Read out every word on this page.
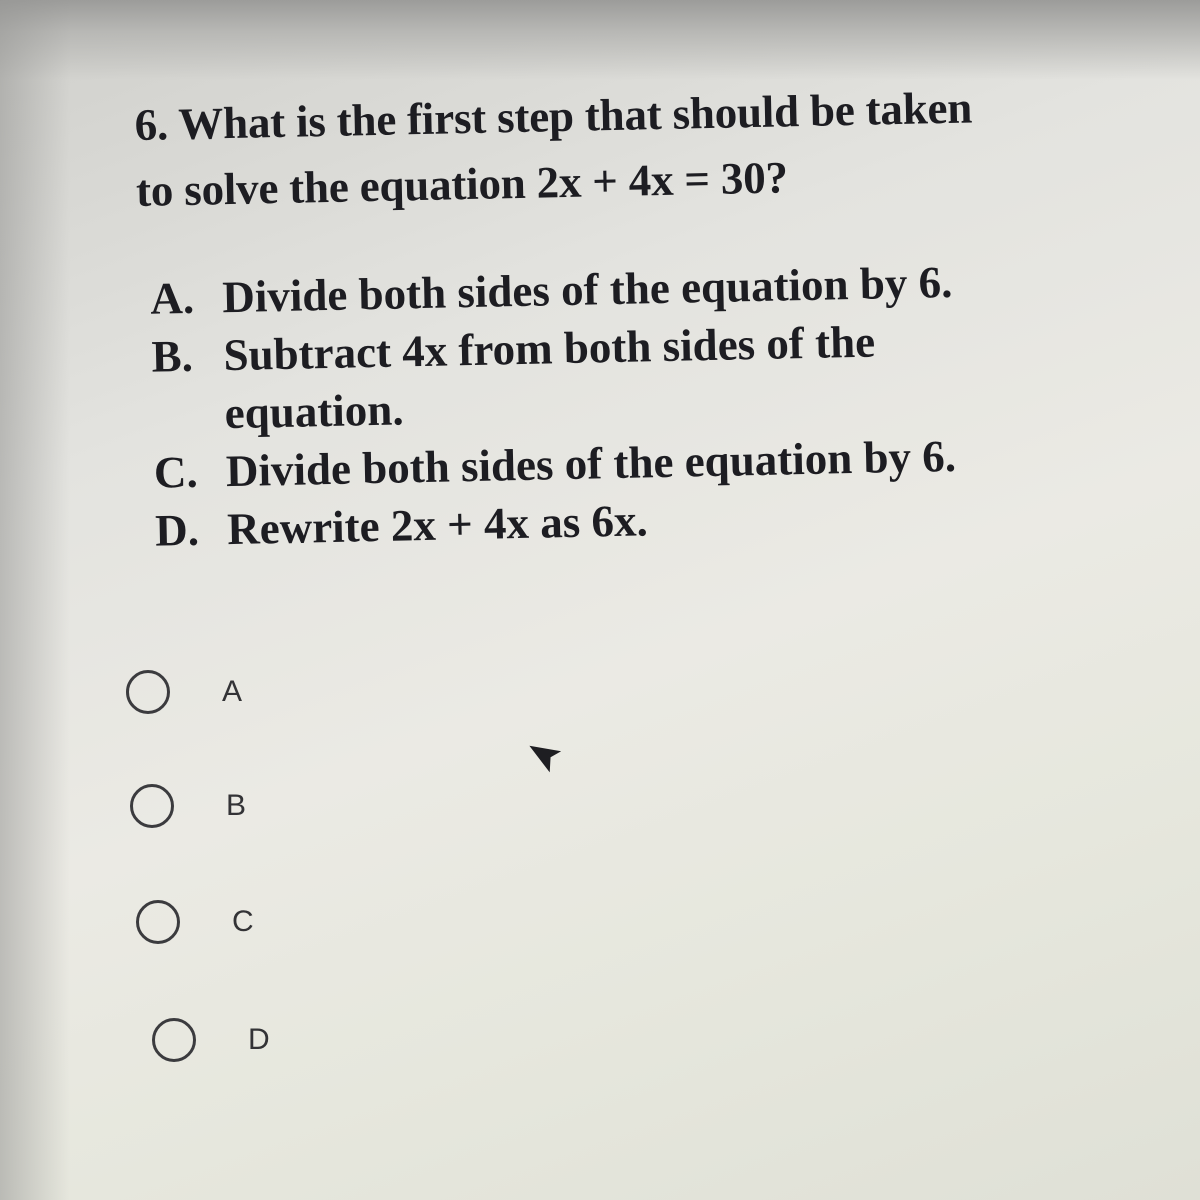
6. What is the first step that should be taken
to solve the equation 2x + 4x = 30?

A. Divide both sides of the equation by 6.
B. Subtract 4x from both sides of the equation.
C. Divide both sides of the equation by 6.
D. Rewrite 2x + 4x as 6x.
A
B
C
D
